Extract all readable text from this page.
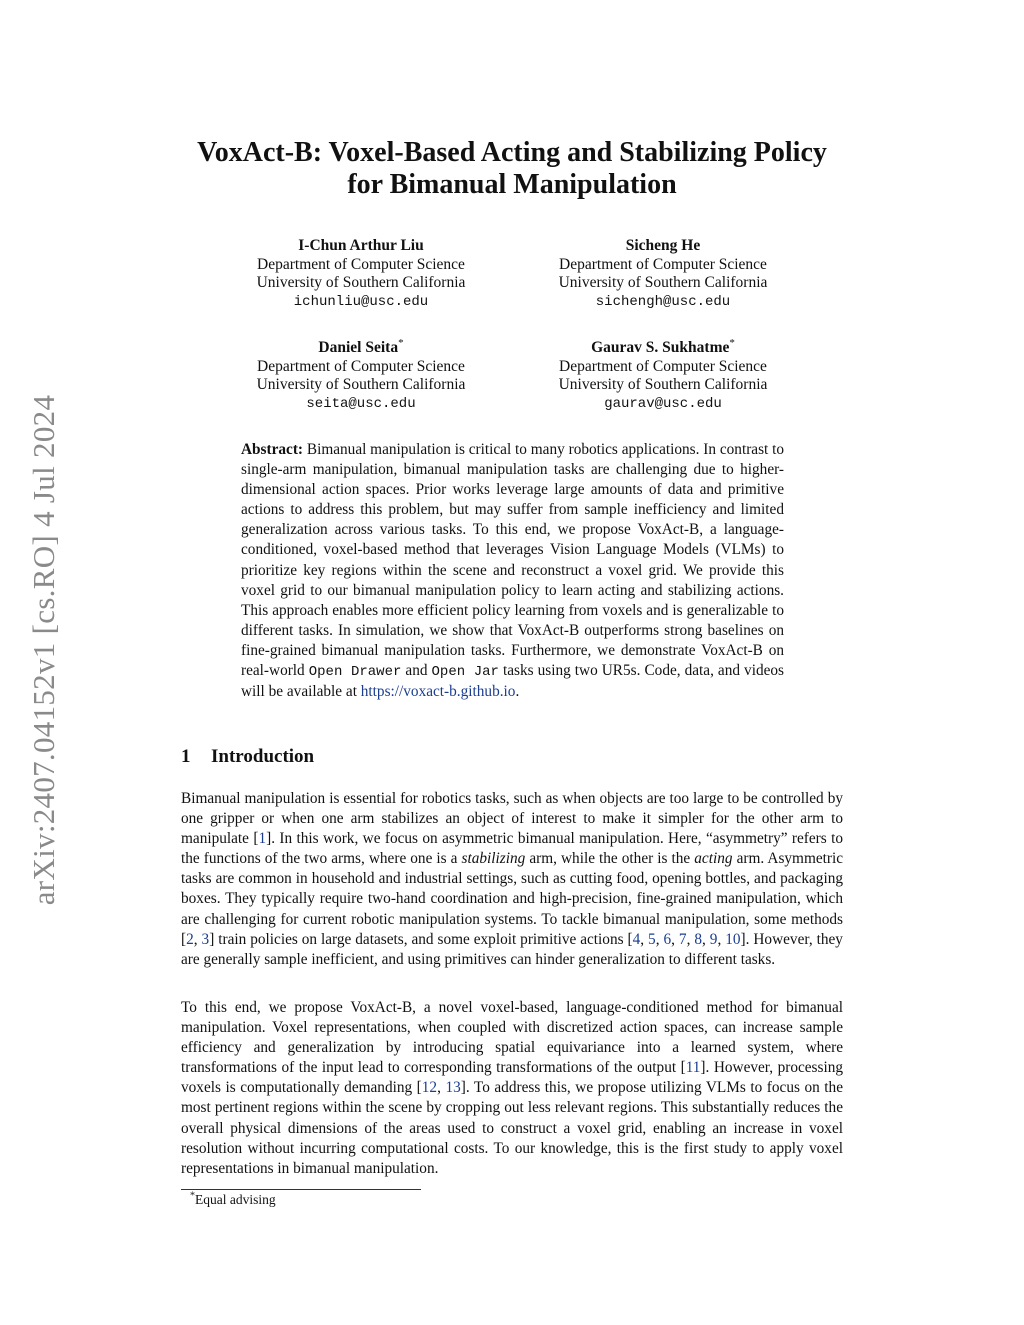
arXiv:2407.04152v1 [cs.RO] 4 Jul 2024
VoxAct-B: Voxel-Based Acting and Stabilizing Policy
for Bimanual Manipulation
I-Chun Arthur Liu
Department of Computer Science
University of Southern California
ichunliu@usc.edu
Sicheng He
Department of Computer Science
University of Southern California
sichengh@usc.edu
Daniel Seita*
Department of Computer Science
University of Southern California
seita@usc.edu
Gaurav S. Sukhatme*
Department of Computer Science
University of Southern California
gaurav@usc.edu

Abstract: Bimanual manipulation is critical to many robotics applications. In contrast to single-arm manipulation, bimanual manipulation tasks are challenging due to higher-dimensional action spaces. Prior works leverage large amounts of data and primitive actions to address this problem, but may suffer from sample inefficiency and limited generalization across various tasks. To this end, we propose VoxAct-B, a language-conditioned, voxel-based method that leverages Vision Language Models (VLMs) to prioritize key regions within the scene and reconstruct a voxel grid. We provide this voxel grid to our bimanual manipulation policy to learn acting and stabilizing actions. This approach enables more efficient policy learning from voxels and is generalizable to different tasks. In simulation, we show that VoxAct-B outperforms strong baselines on fine-grained bimanual manipulation tasks. Furthermore, we demonstrate VoxAct-B on real-world Open Drawer and Open Jar tasks using two UR5s. Code, data, and videos will be available at https://voxact-b.github.io.

1 Introduction

Bimanual manipulation is essential for robotics tasks, such as when objects are too large to be controlled by one gripper or when one arm stabilizes an object of interest to make it simpler for the other arm to manipulate [1]. In this work, we focus on asymmetric bimanual manipulation. Here, “asymmetry” refers to the functions of the two arms, where one is a stabilizing arm, while the other is the acting arm. Asymmetric tasks are common in household and industrial settings, such as cutting food, opening bottles, and packaging boxes. They typically require two-hand coordination and high-precision, fine-grained manipulation, which are challenging for current robotic manipulation systems. To tackle bimanual manipulation, some methods [2, 3] train policies on large datasets, and some exploit primitive actions [4, 5, 6, 7, 8, 9, 10]. However, they are generally sample inefficient, and using primitives can hinder generalization to different tasks.

To this end, we propose VoxAct-B, a novel voxel-based, language-conditioned method for bimanual manipulation. Voxel representations, when coupled with discretized action spaces, can increase sample efficiency and generalization by introducing spatial equivariance into a learned system, where transformations of the input lead to corresponding transformations of the output [11]. However, processing voxels is computationally demanding [12, 13]. To address this, we propose utilizing VLMs to focus on the most pertinent regions within the scene by cropping out less relevant regions. This substantially reduces the overall physical dimensions of the areas used to construct a voxel grid, enabling an increase in voxel resolution without incurring computational costs. To our knowledge, this is the first study to apply voxel representations in bimanual manipulation.

*Equal advising
